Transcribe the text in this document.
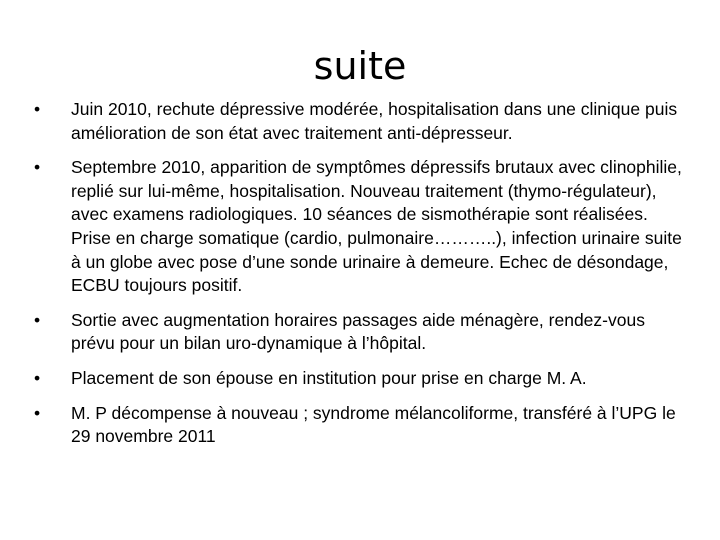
suite
• Juin 2010, rechute dépressive modérée, hospitalisation dans une clinique puis amélioration de son état avec traitement anti-dépresseur.
• Septembre 2010, apparition de symptômes dépressifs brutaux avec clinophilie, replié sur lui-même, hospitalisation. Nouveau traitement (thymo-régulateur), avec examens radiologiques. 10 séances de sismothérapie sont réalisées. Prise en charge somatique (cardio, pulmonaire………..), infection urinaire suite à un globe avec pose d’une sonde urinaire à demeure. Echec de désondage, ECBU toujours positif.
• Sortie avec augmentation horaires passages aide ménagère, rendez-vous prévu pour un bilan uro-dynamique à l’hôpital.
• Placement de son épouse en institution pour prise en charge M. A.
• M. P décompense à nouveau ; syndrome mélancoliforme, transféré à l’UPG le 29 novembre 2011
